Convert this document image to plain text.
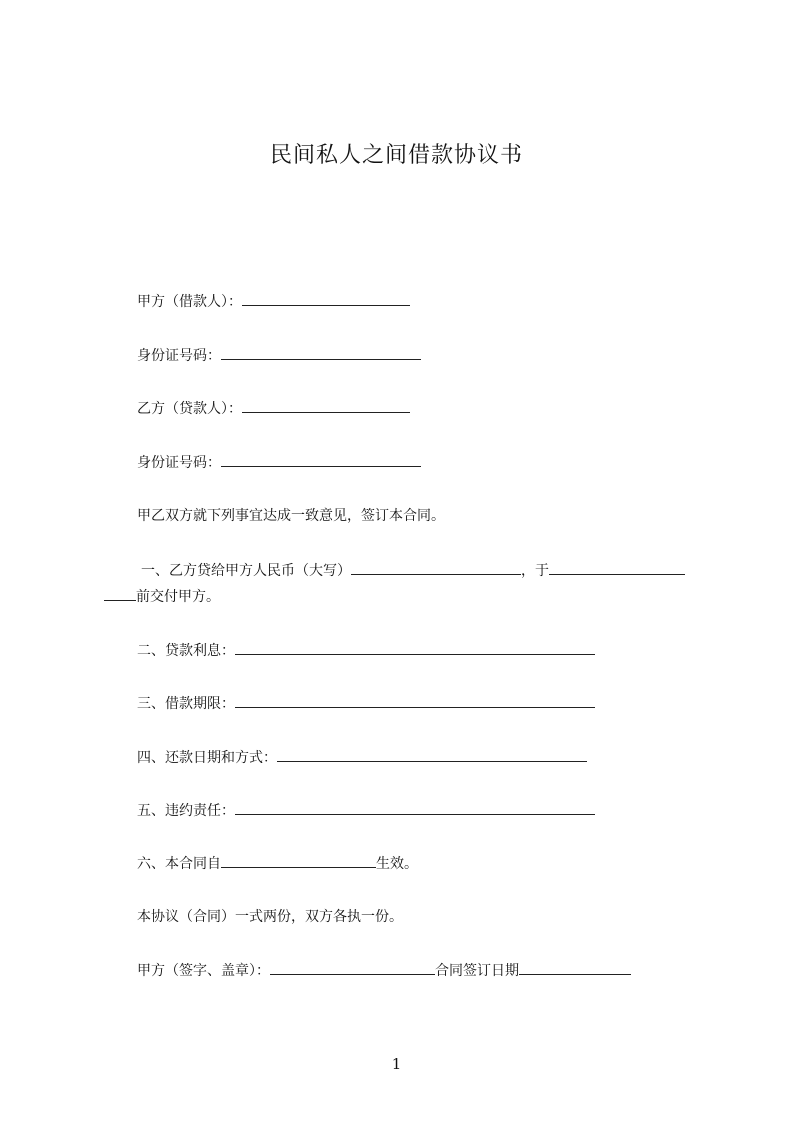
民间私人之间借款协议书
甲方（借款人）：
身份证号码：
乙方（贷款人）：
身份证号码：
甲乙双方就下列事宜达成一致意见，签订本合同。
一、乙方贷给甲方人民币（大写）	，于
前交付甲方。
二、贷款利息：
三、借款期限：
四、还款日期和方式：
五、违约责任：
六、本合同自	生效。
本协议（合同）一式两份，双方各执一份。
甲方（签字、盖章）：	合同签订日期
1
